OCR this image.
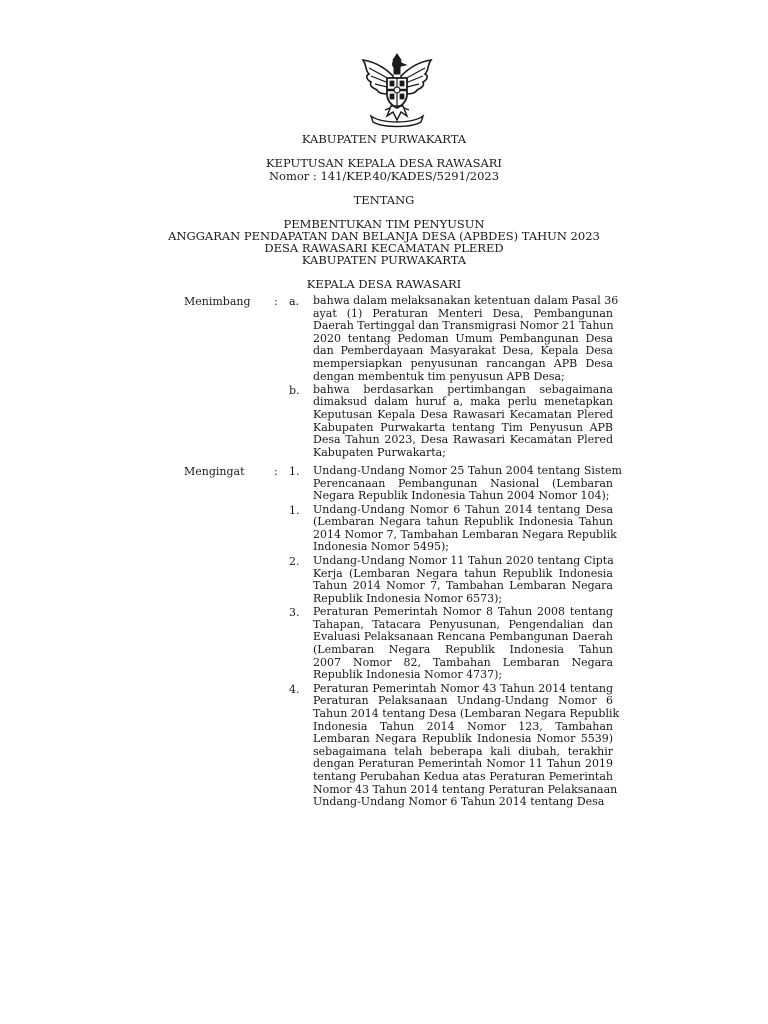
KABUPATEN PURWAKARTA
KEPUTUSAN KEPALA DESA RAWASARI
Nomor : 141/KEP.40/KADES/5291/2023
TENTANG
PEMBENTUKAN TIM PENYUSUN
ANGGARAN PENDAPATAN DAN BELANJA DESA (APBDES) TAHUN 2023
DESA RAWASARI KECAMATAN PLERED
KABUPATEN PURWAKARTA
KEPALA DESA RAWASARI
Menimbang : a. bahwa dalam melaksanakan ketentuan dalam Pasal 36
ayat (1) Peraturan Menteri Desa, Pembangunan
Daerah Tertinggal dan Transmigrasi Nomor 21 Tahun
2020 tentang Pedoman Umum Pembangunan Desa
dan Pemberdayaan Masyarakat Desa, Kepala Desa
mempersiapkan penyusunan rancangan APB Desa
dengan membentuk tim penyusun APB Desa;
b. bahwa berdasarkan pertimbangan sebagaimana
dimaksud dalam huruf a, maka perlu menetapkan
Keputusan Kepala Desa Rawasari Kecamatan Plered
Kabupaten Purwakarta tentang Tim Penyusun APB
Desa Tahun 2023, Desa Rawasari Kecamatan Plered
Kabupaten Purwakarta;
Mengingat	: 1. Undang-Undang Nomor 25 Tahun 2004 tentang Sistem
Perencanaan Pembangunan Nasional (Lembaran
Negara Republik Indonesia Tahun 2004 Nomor 104);
1. Undang-Undang Nomor 6 Tahun 2014 tentang Desa
(Lembaran Negara tahun Republik Indonesia Tahun
2014 Nomor 7, Tambahan Lembaran Negara Republik
Indonesia Nomor 5495);
2. Undang-Undang Nomor 11 Tahun 2020 tentang Cipta
Kerja (Lembaran Negara tahun Republik Indonesia
Tahun 2014 Nomor 7, Tambahan Lembaran Negara
Republik Indonesia Nomor 6573);
3. Peraturan Pemerintah Nomor 8 Tahun 2008 tentang
Tahapan, Tatacara Penyusunan, Pengendalian dan
Evaluasi Pelaksanaan Rencana Pembangunan Daerah
(Lembaran Negara Republik Indonesia Tahun
2007 Nomor 82, Tambahan Lembaran Negara
Republik Indonesia Nomor 4737);
4. Peraturan Pemerintah Nomor 43 Tahun 2014 tentang
Peraturan Pelaksanaan Undang-Undang Nomor 6
Tahun 2014 tentang Desa (Lembaran Negara Republik
Indonesia Tahun 2014 Nomor 123, Tambahan
Lembaran Negara Republik Indonesia Nomor 5539)
sebagaimana telah beberapa kali diubah, terakhir
dengan Peraturan Pemerintah Nomor 11 Tahun 2019
tentang Perubahan Kedua atas Peraturan Pemerintah
Nomor 43 Tahun 2014 tentang Peraturan Pelaksanaan
Undang-Undang Nomor 6 Tahun 2014 tentang Desa
